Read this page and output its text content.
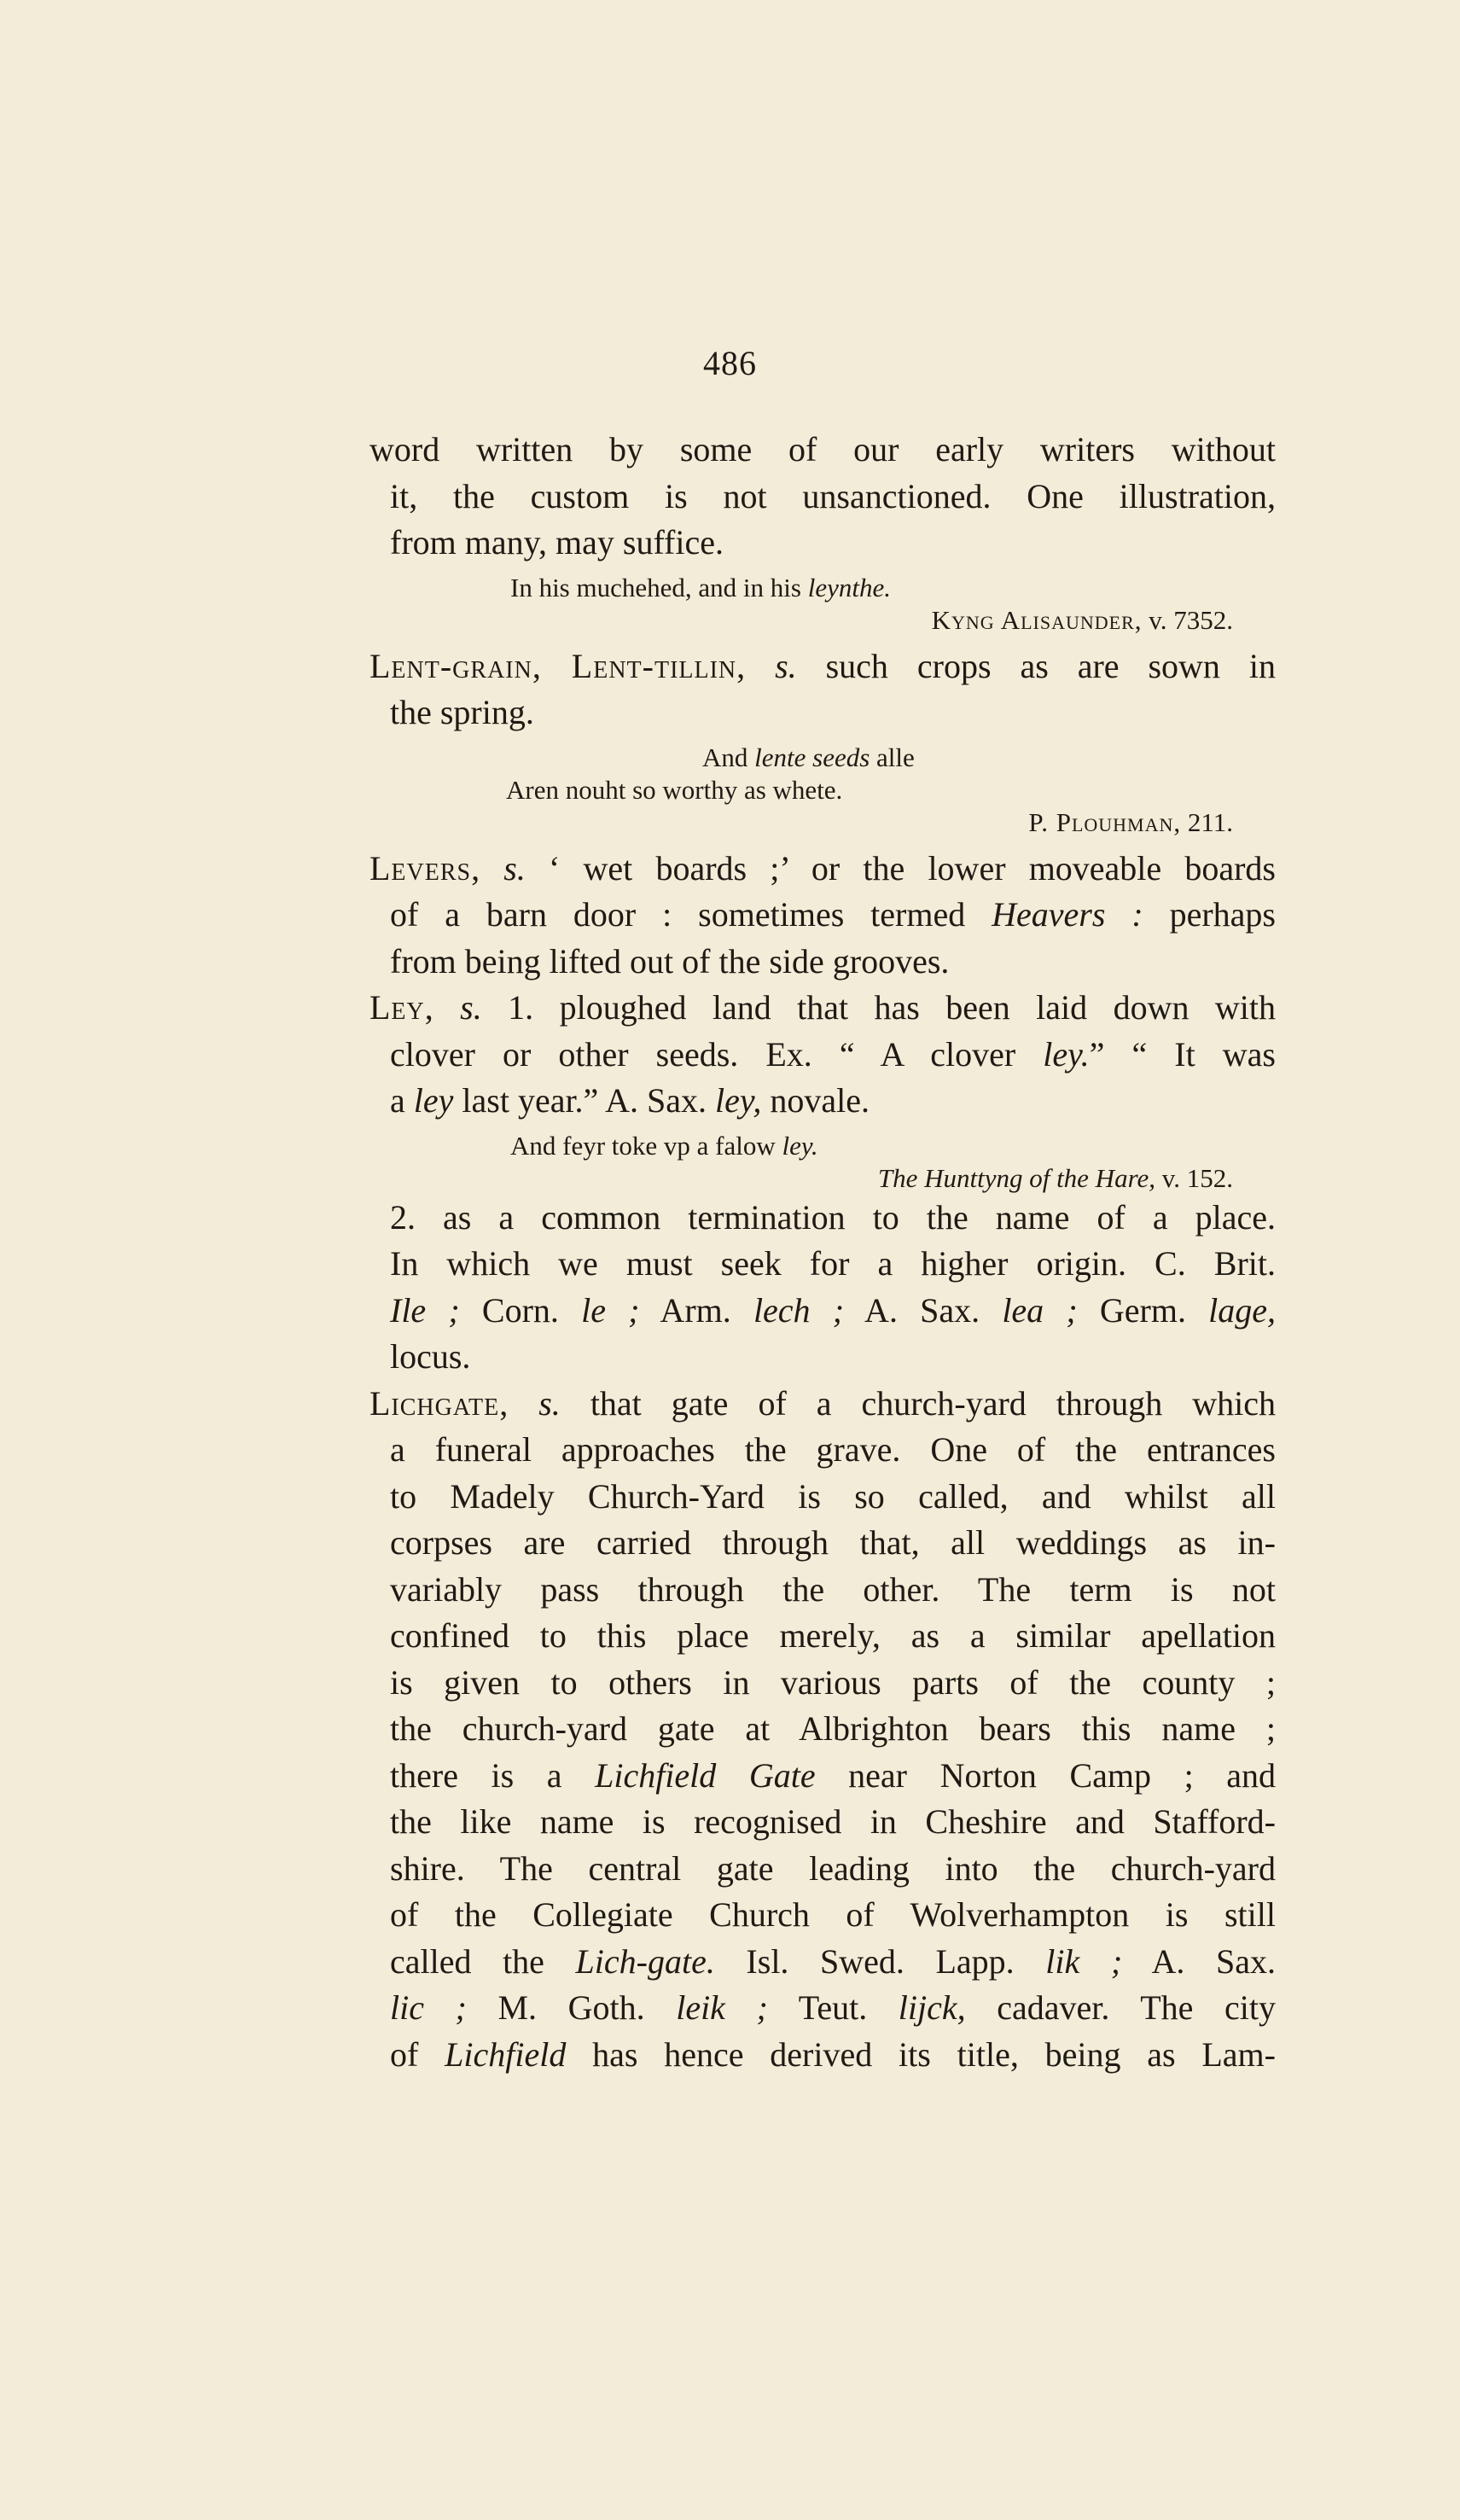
486

word written by some of our early writers without

it, the custom is not unsanctioned. One illustration,

from many, may suffice.

In his muchehed, and in his leynthe.

Kyng Alisaunder, v. 7352.

Lent-grain, Lent-tillin, s. such crops as are sown in

the spring.

And lente seeds alle

Aren nouht so worthy as whete.

P. Plouhman, 211.

Levers, s. ‘ wet boards ;’ or the lower moveable boards

of a barn door : sometimes termed Heavers : perhaps

from being lifted out of the side grooves.

Ley, s. 1. ploughed land that has been laid down with

clover or other seeds. Ex. “ A clover ley.” “ It was

a ley last year.” A. Sax. ley, novale.

And feyr toke vp a falow ley.

The Hunttyng of the Hare, v. 152.

2. as a common termination to the name of a place.

In which we must seek for a higher origin. C. Brit.

Ile ; Corn. le ; Arm. lech ; A. Sax. lea ; Germ. lage,

locus.

Lichgate, s. that gate of a church-yard through which

a funeral approaches the grave. One of the entrances

to Madely Church-Yard is so called, and whilst all

corpses are carried through that, all weddings as in-

variably pass through the other. The term is not

confined to this place merely, as a similar apellation

is given to others in various parts of the county ;

the church-yard gate at Albrighton bears this name ;

there is a Lichfield Gate near Norton Camp ; and

the like name is recognised in Cheshire and Stafford-

shire. The central gate leading into the church-yard

of the Collegiate Church of Wolverhampton is still

called the Lich-gate. Isl. Swed. Lapp. lik ; A. Sax.

lic ; M. Goth. leik ; Teut. lijck, cadaver. The city

of Lichfield has hence derived its title, being as Lam-
